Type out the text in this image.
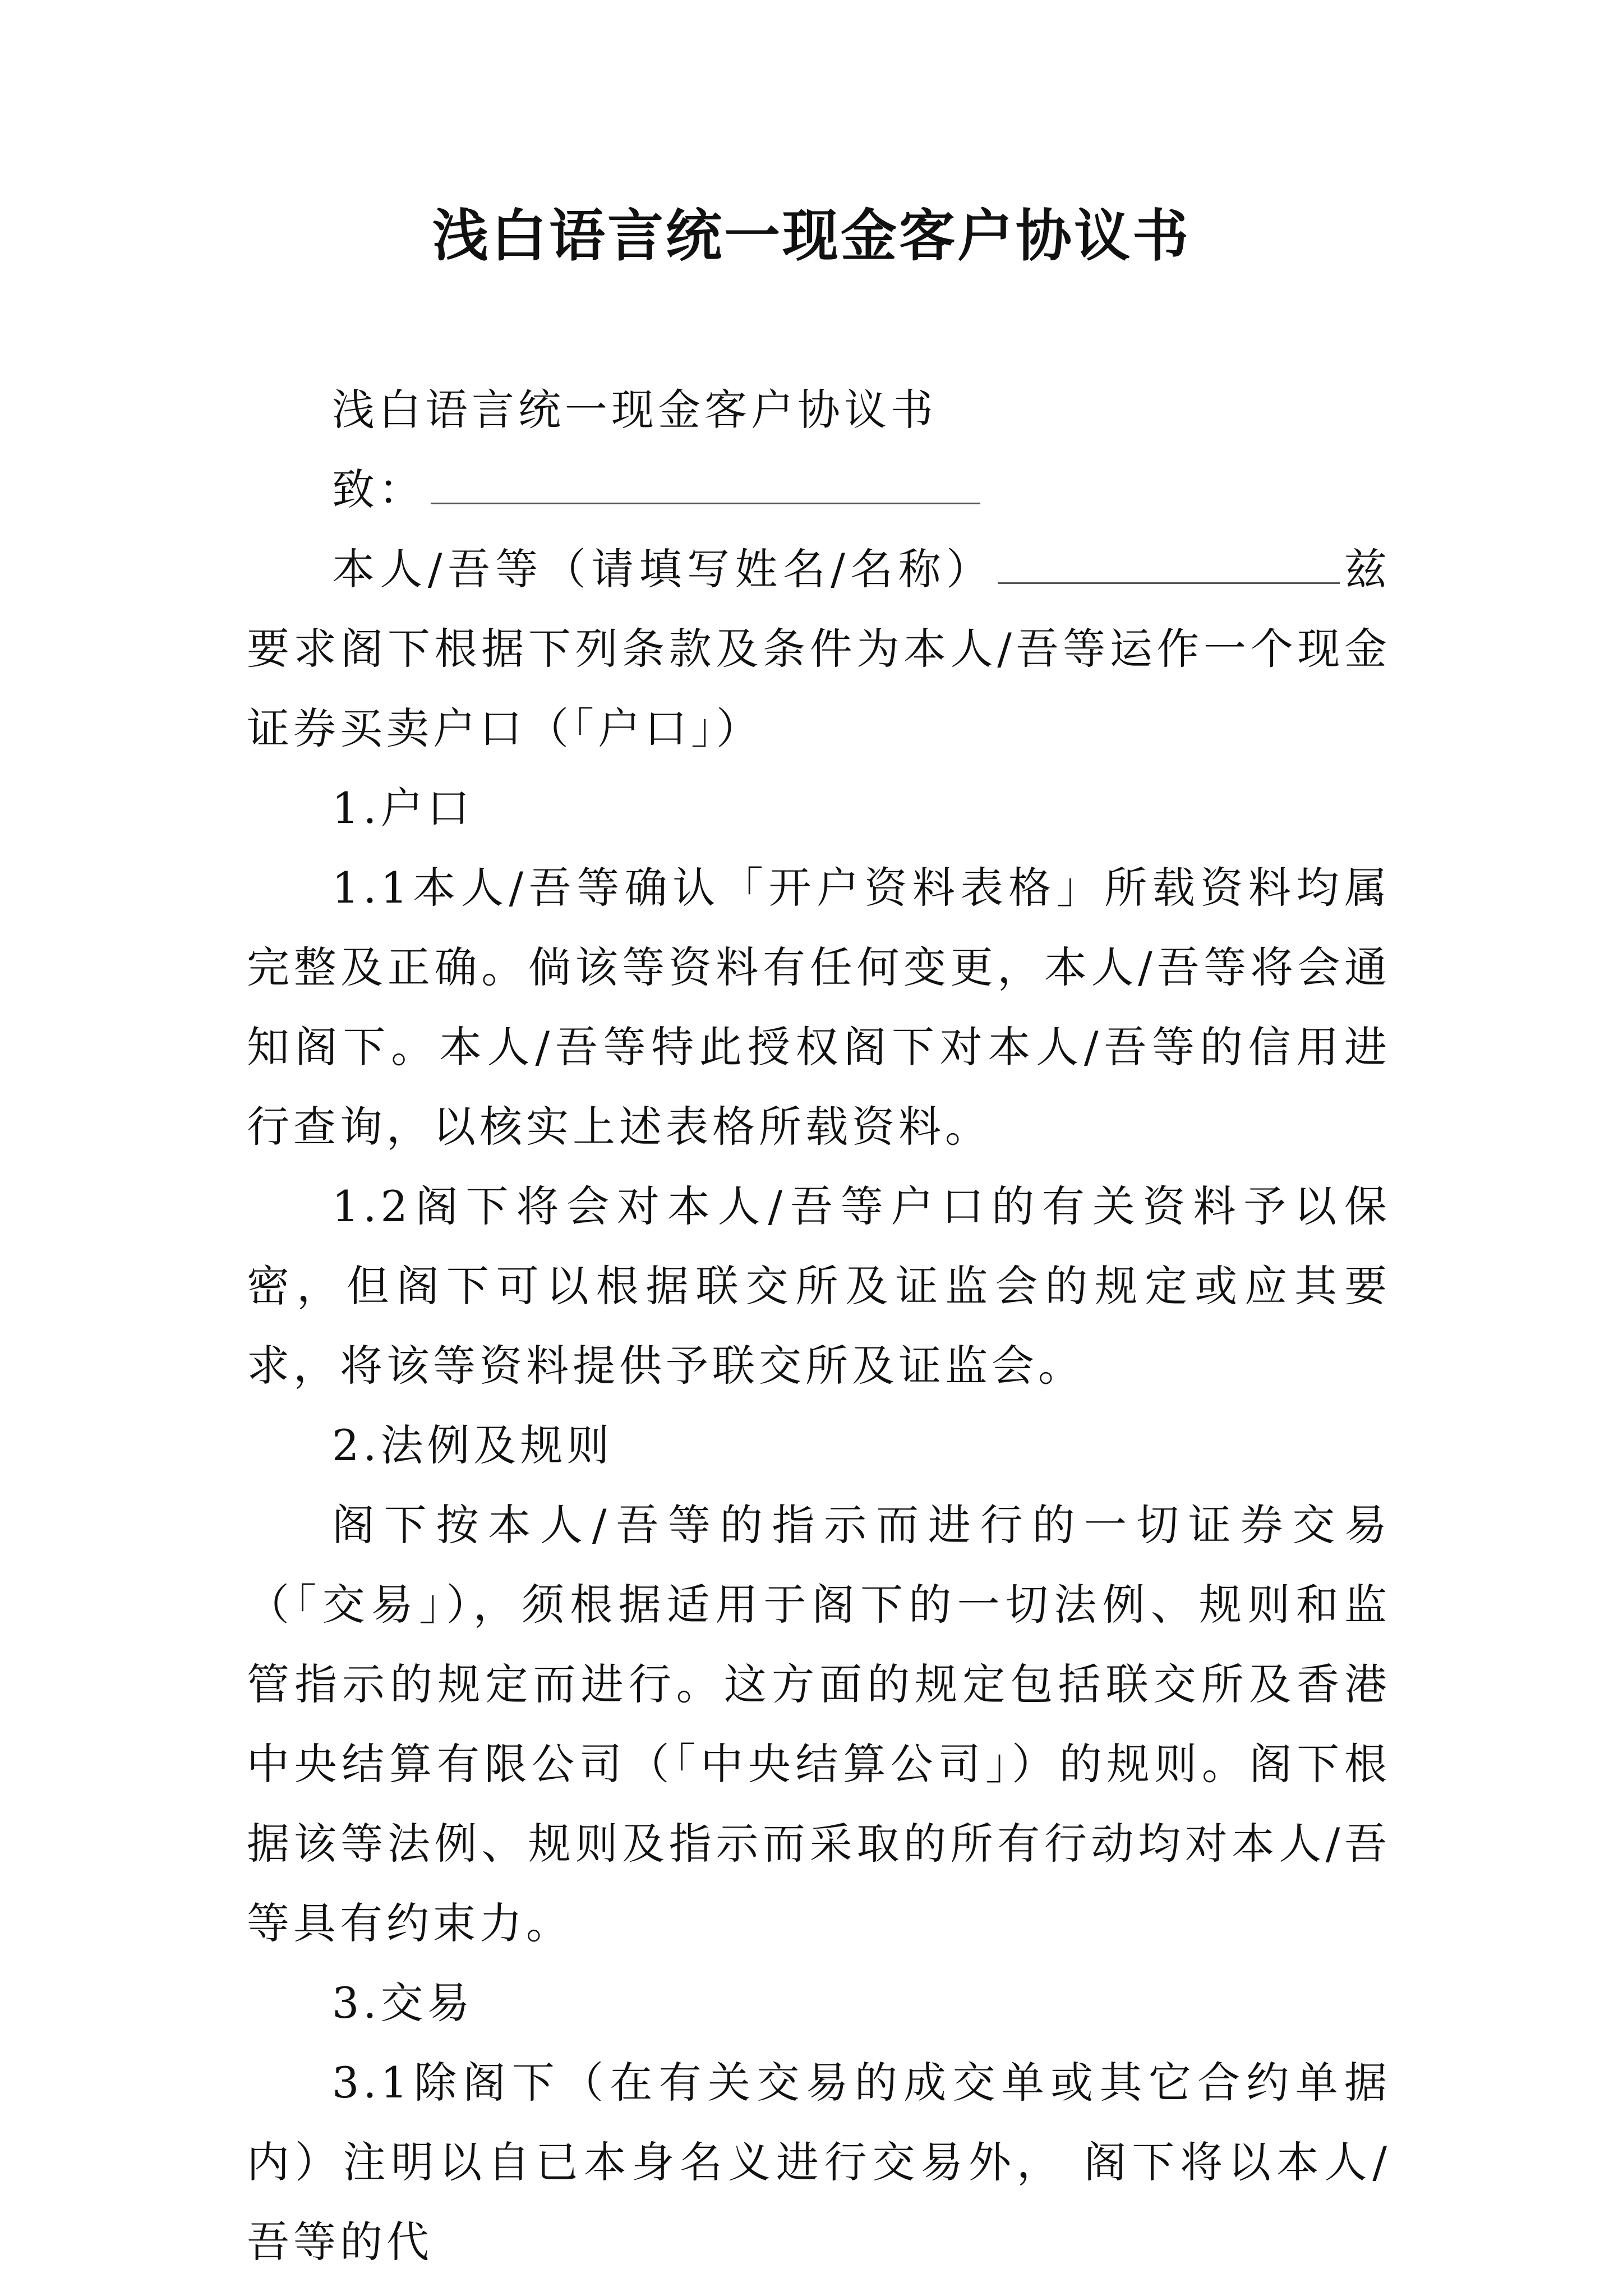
浅白语言统一现金客户协议书

浅白语言统一现金客户协议书

致：

本人/吾等（请填写姓名/名称）	兹要求阁下根据下列条款及条件为本人/吾等运作一个现金证券买卖户口（「户口」）

1.户口

1.1本人/吾等确认「开户资料表格」所载资料均属完整及正确。倘该等资料有任何变更，本人/吾等将会通知阁下。本人/吾等特此授权阁下对本人/吾等的信用进行查询，以核实上述表格所载资料。

1.2阁下将会对本人/吾等户口的有关资料予以保密，但阁下可以根据联交所及证监会的规定或应其要求，将该等资料提供予联交所及证监会。

2.法例及规则

阁下按本人/吾等的指示而进行的一切证券交易（「交易」），须根据适用于阁下的一切法例、规则和监管指示的规定而进行。这方面的规定包括联交所及香港中央结算有限公司（「中央结算公司」）的规则。阁下根据该等法例、规则及指示而采取的所有行动均对本人/吾等具有约束力。

3.交易

3.1除阁下（在有关交易的成交单或其它合约单据内）注明以自已本身名义进行交易外， 阁下将以本人/吾等的代
